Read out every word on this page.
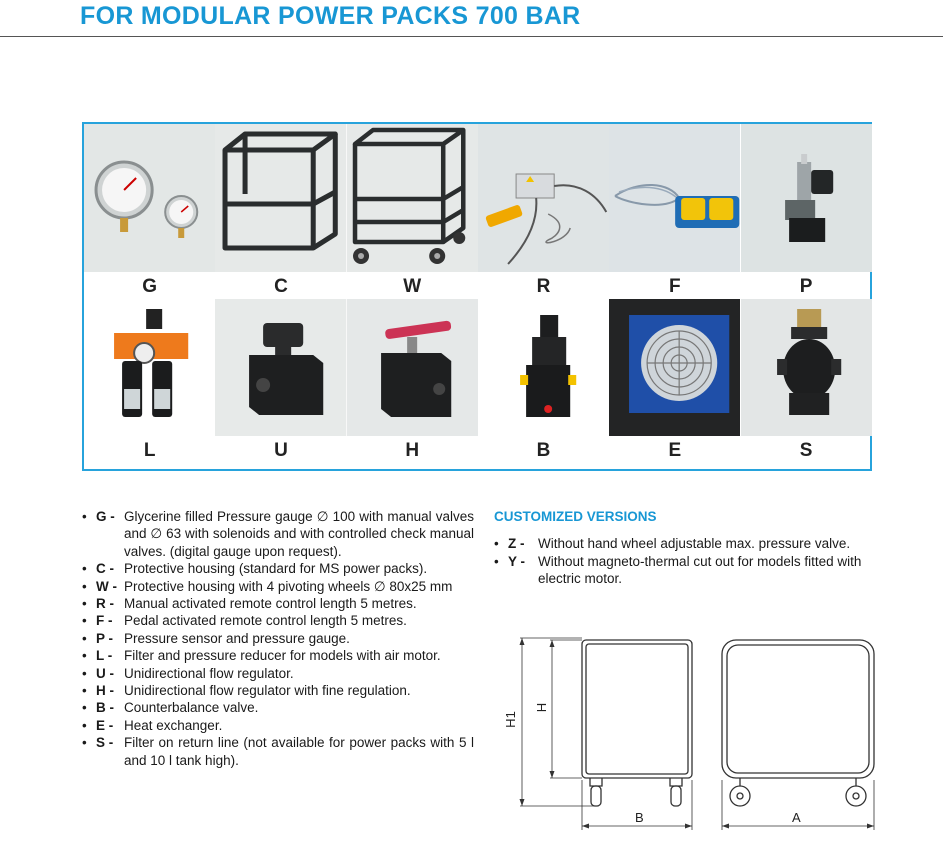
FOR MODULAR POWER PACKS 700 BAR
G	C	W	R	F	P
L	U	H	B	E	S
• G - Glycerine filled Pressure gauge ∅ 100 with manual valves and ∅ 63 with solenoids and with controlled check manual valves. (digital gauge upon request).
• C - Protective housing (standard for MS power packs).
• W - Protective housing with 4 pivoting wheels ∅ 80x25 mm
• R - Manual activated remote control length 5 metres.
• F - Pedal activated remote control length 5 metres.
• P - Pressure sensor and pressure gauge.
• L - Filter and pressure reducer for models with air motor.
• U - Unidirectional flow regulator.
• H - Unidirectional flow regulator with fine regulation.
• B - Counterbalance valve.
• E - Heat exchanger.
• S - Filter on return line (not available for power packs with 5 l and 10 l tank high).
CUSTOMIZED VERSIONS
• Z -	Without hand wheel adjustable max. pressure valve.
• Y - Without magneto-thermal cut out for models fitted with electric motor.
H1
H
B	A
